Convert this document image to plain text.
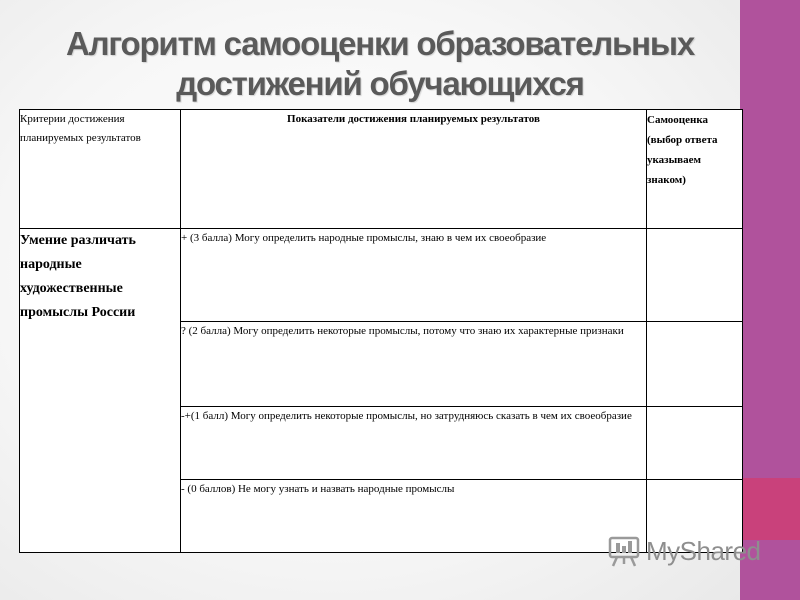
Алгоритм самооценки образовательных
достижений обучающихся
Критерии достижения планируемых результатов	Показатели достижения планируемых результатов	Самооценка (выбор ответа указываем знаком)
Умение различать народные художественные промыслы России	+ (3 балла) Могу определить народные промыслы, знаю в чем их своеобразие	
	? (2 балла) Могу определить некоторые промыслы, потому что знаю их характерные признаки	
	-+(1 балл) Могу определить некоторые промыслы, но затрудняюсь сказать в чем их своеобразие	
	- (0 баллов) Не могу узнать и назвать народные промыслы	
MyShared
